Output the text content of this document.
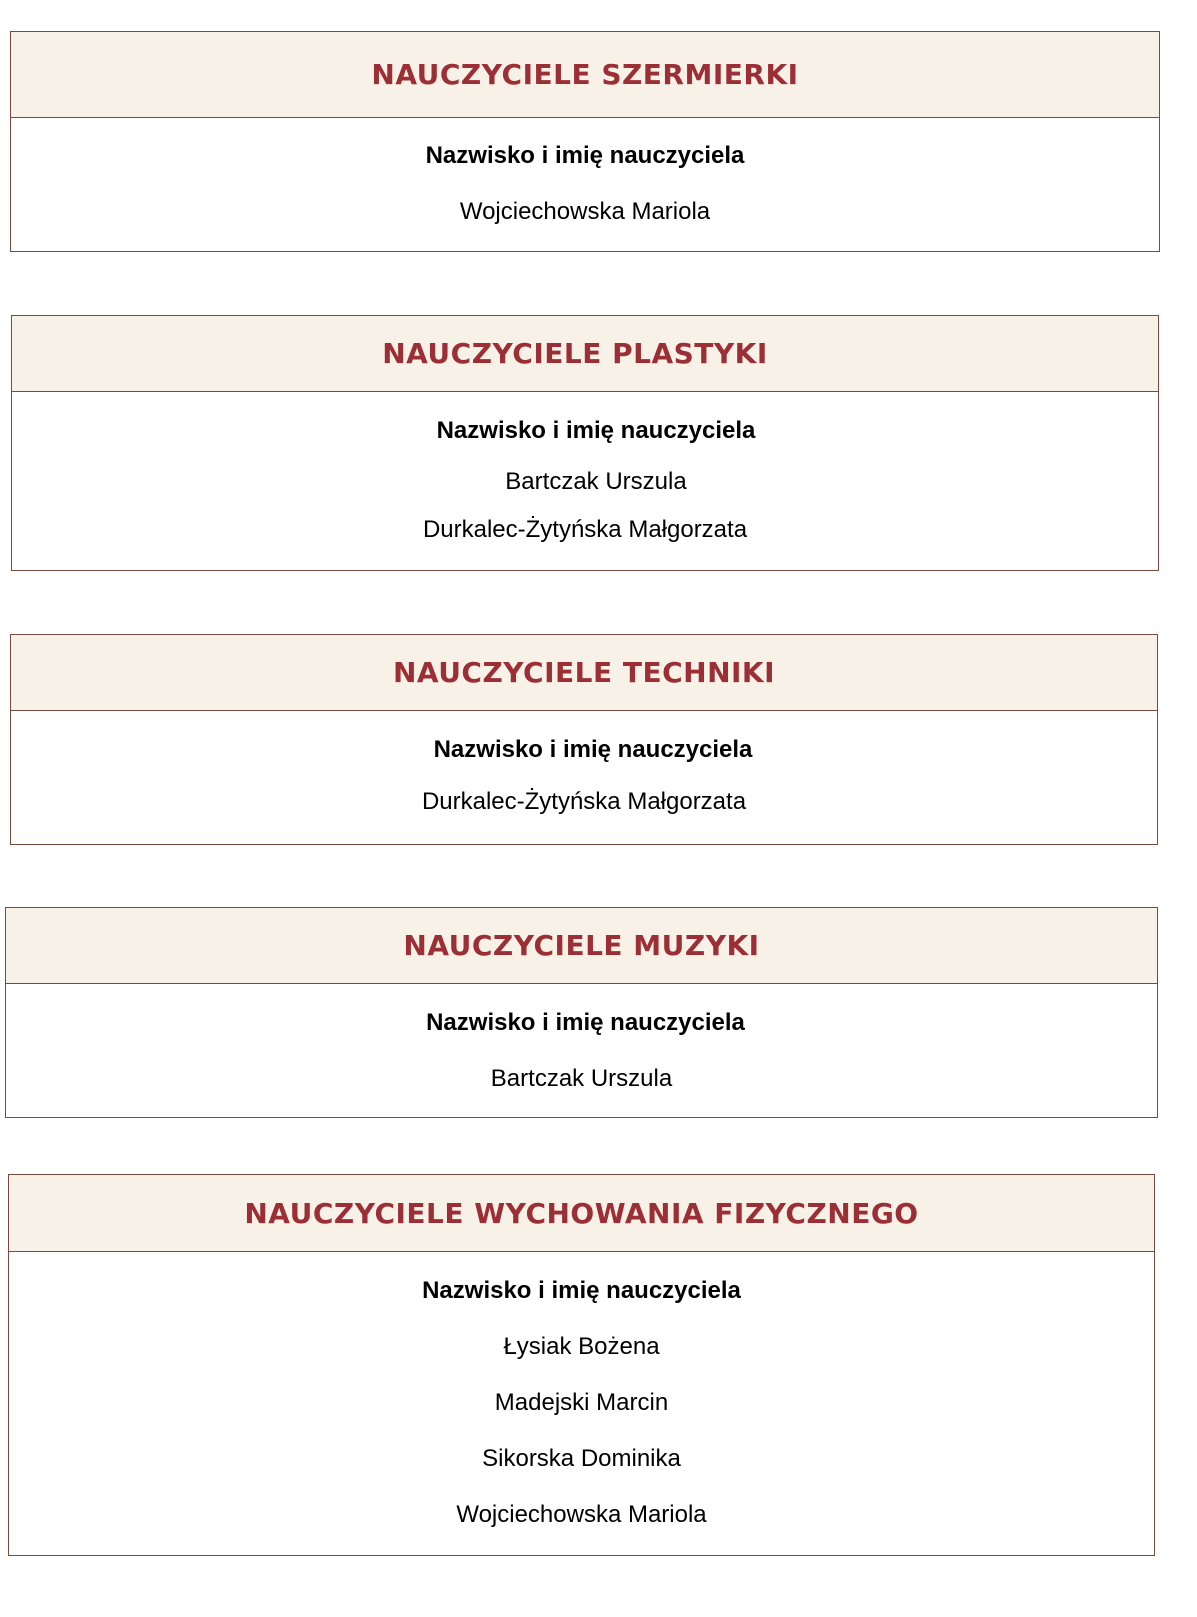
NAUCZYCIELE SZERMIERKI
Nazwisko i imię nauczyciela
Wojciechowska Mariola
NAUCZYCIELE PLASTYKI
Nazwisko i imię nauczyciela
Bartczak Urszula
Durkalec-Żytyńska Małgorzata
NAUCZYCIELE TECHNIKI
Nazwisko i imię nauczyciela
Durkalec-Żytyńska Małgorzata
NAUCZYCIELE MUZYKI
Nazwisko i imię nauczyciela
Bartczak Urszula
NAUCZYCIELE WYCHOWANIA FIZYCZNEGO
Nazwisko i imię nauczyciela
Łysiak Bożena
Madejski Marcin
Sikorska Dominika
Wojciechowska Mariola
